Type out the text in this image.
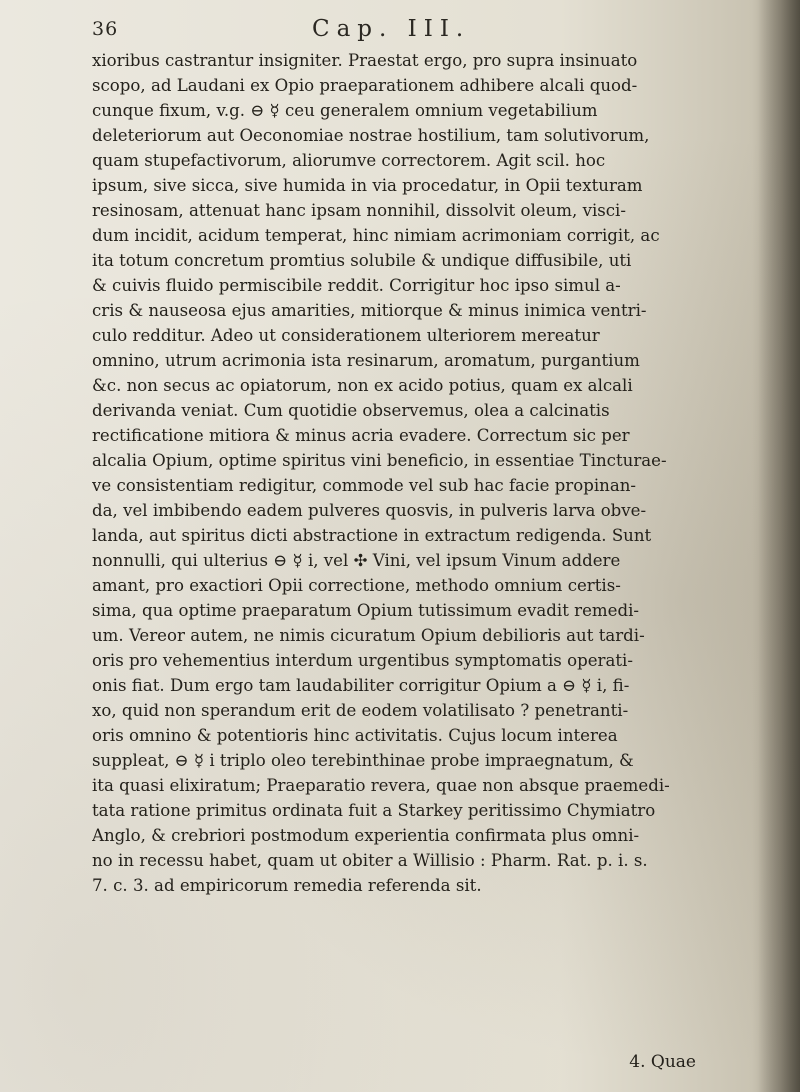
36	Cap. III.
xioribus castrantur insigniter. Praestat ergo, pro supra insinuato
scopo, ad Laudani ex Opio praeparationem adhibere alcali quod-
cunque fixum, v.g. ⊖ ☿ ceu generalem omnium vegetabilium
deleteriorum aut Oeconomiae nostrae hostilium, tam solutivorum,
quam stupefactivorum, aliorumve correctorem. Agit scil. hoc
ipsum, sive sicca, sive humida in via procedatur, in Opii texturam
resinosam, attenuat hanc ipsam nonnihil, dissolvit oleum, visci-
dum incidit, acidum temperat, hinc nimiam acrimoniam corrigit, ac
ita totum concretum promtius solubile & undique diffusibile, uti
& cuivis fluido permiscibile reddit. Corrigitur hoc ipso simul a-
cris & nauseosa ejus amarities, mitiorque & minus inimica ventri-
culo redditur. Adeo ut considerationem ulteriorem mereatur
omnino, utrum acrimonia ista resinarum, aromatum, purgantium
&c. non secus ac opiatorum, non ex acido potius, quam ex alcali
derivanda veniat. Cum quotidie observemus, olea a calcinatis
rectificatione mitiora & minus acria evadere. Correctum sic per
alcalia Opium, optime spiritus vini beneficio, in essentiae Tincturae-
ve consistentiam redigitur, commode vel sub hac facie propinan-
da, vel imbibendo eadem pulveres quosvis, in pulveris larva obve-
landa, aut spiritus dicti abstractione in extractum redigenda. Sunt
nonnulli, qui ulterius ⊖ ☿ i, vel ✣ Vini, vel ipsum Vinum addere
amant, pro exactiori Opii correctione, methodo omnium certis-
sima, qua optime praeparatum Opium tutissimum evadit remedi-
um. Vereor autem, ne nimis cicuratum Opium debilioris aut tardi-
oris pro vehementius interdum urgentibus symptomatis operati-
onis fiat. Dum ergo tam laudabiliter corrigitur Opium a ⊖ ☿ i, fi-
xo, quid non sperandum erit de eodem volatilisato ? penetranti-
oris omnino & potentioris hinc activitatis. Cujus locum interea
suppleat, ⊖ ☿ i triplo oleo terebinthinae probe impraegnatum, &
ita quasi elixiratum; Praeparatio revera, quae non absque praemedi-
tata ratione primitus ordinata fuit a Starkey peritissimo Chymiatro
Anglo, & crebriori postmodum experientia confirmata plus omni-
no in recessu habet, quam ut obiter a Willisio : Pharm. Rat. p. i. s.
7. c. 3. ad empiricorum remedia referenda sit.
4. Quae
